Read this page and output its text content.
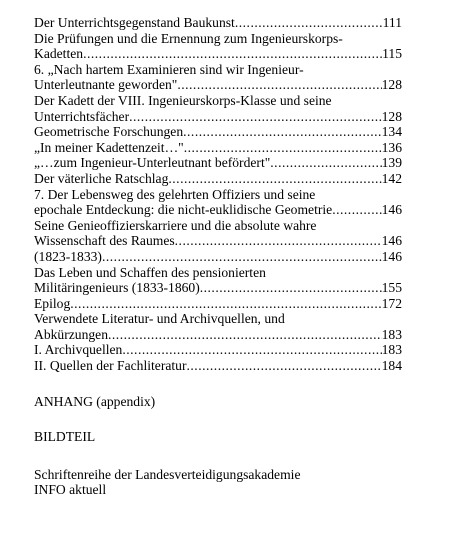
Der Unterrichtsgegenstand Baukunst .....	111
Die Prüfungen und die Ernennung zum Ingenieurskorps-
Kadetten .....	115
6. „Nach hartem Examinieren sind wir Ingenieur-
Unterleutnante geworden" .....	128
Der Kadett der VIII. Ingenieurskorps-Klasse und seine
Unterrichtsfächer .....	128
Geometrische Forschungen .....	134
„In meiner Kadettenzeit…" .....	136
„…zum Ingenieur-Unterleutnant befördert" .....	139
Der väterliche Ratschlag .....	142
7. Der Lebensweg des gelehrten Offiziers und seine
epochale Entdeckung: die nicht-euklidische Geometrie .....	146
Seine Genieoffizierskarriere und die absolute wahre
Wissenschaft des Raumes .....	146
(1823-1833) .....	146
Das Leben und Schaffen des pensionierten
Militäringenieurs (1833-1860) .....	155
Epilog .....	172
Verwendete Literatur- und Archivquellen, und
Abkürzungen .....	183
I. Archivquellen .....	183
II. Quellen der Fachliteratur .....	184
ANHANG (appendix)
BILDTEIL
Schriftenreihe der Landesverteidigungsakademie
INFO aktuell
